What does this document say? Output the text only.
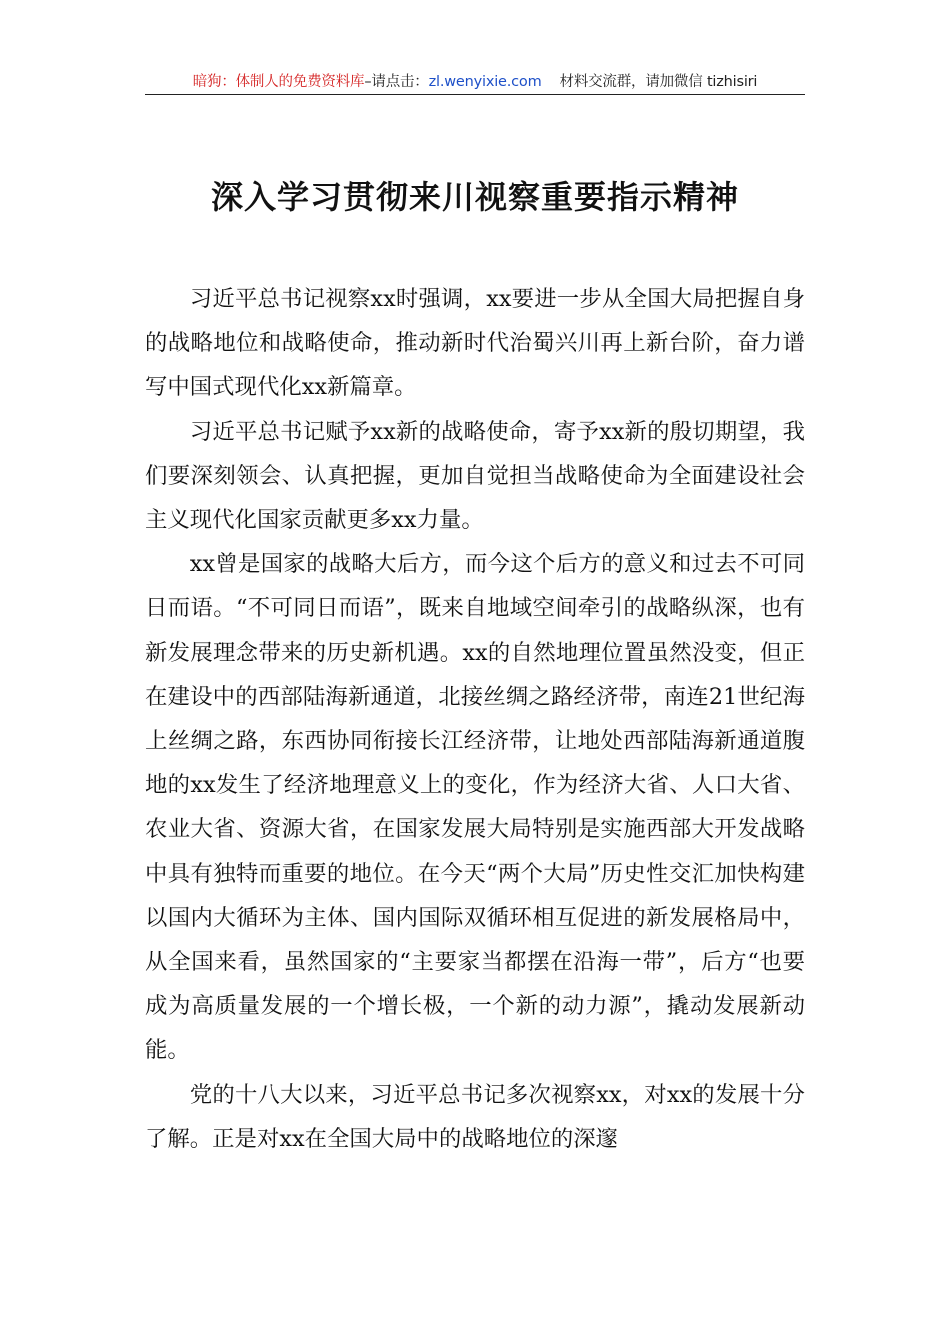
暗狗：体制人的免费资料库–请点击：zl.wenyixie.com 材料交流群，请加微信 tizhisiri
深入学习贯彻来川视察重要指示精神

习近平总书记视察xx时强调，xx要进一步从全国大局把握自身的战略地位和战略使命，推动新时代治蜀兴川再上新台阶，奋力谱写中国式现代化xx新篇章。

习近平总书记赋予xx新的战略使命，寄予xx新的殷切期望，我们要深刻领会、认真把握，更加自觉担当战略使命为全面建设社会主义现代化国家贡献更多xx力量。

xx曾是国家的战略大后方，而今这个后方的意义和过去不可同日而语。“不可同日而语”，既来自地域空间牵引的战略纵深，也有新发展理念带来的历史新机遇。xx的自然地理位置虽然没变，但正在建设中的西部陆海新通道，北接丝绸之路经济带，南连21世纪海上丝绸之路，东西协同衔接长江经济带，让地处西部陆海新通道腹地的xx发生了经济地理意义上的变化，作为经济大省、人口大省、农业大省、资源大省，在国家发展大局特别是实施西部大开发战略中具有独特而重要的地位。在今天“两个大局”历史性交汇加快构建以国内大循环为主体、国内国际双循环相互促进的新发展格局中，从全国来看，虽然国家的“主要家当都摆在沿海一带”，后方“也要成为高质量发展的一个增长极，一个新的动力源”，撬动发展新动能。

党的十八大以来，习近平总书记多次视察xx，对xx的发展十分了解。正是对xx在全国大局中的战略地位的深邃
